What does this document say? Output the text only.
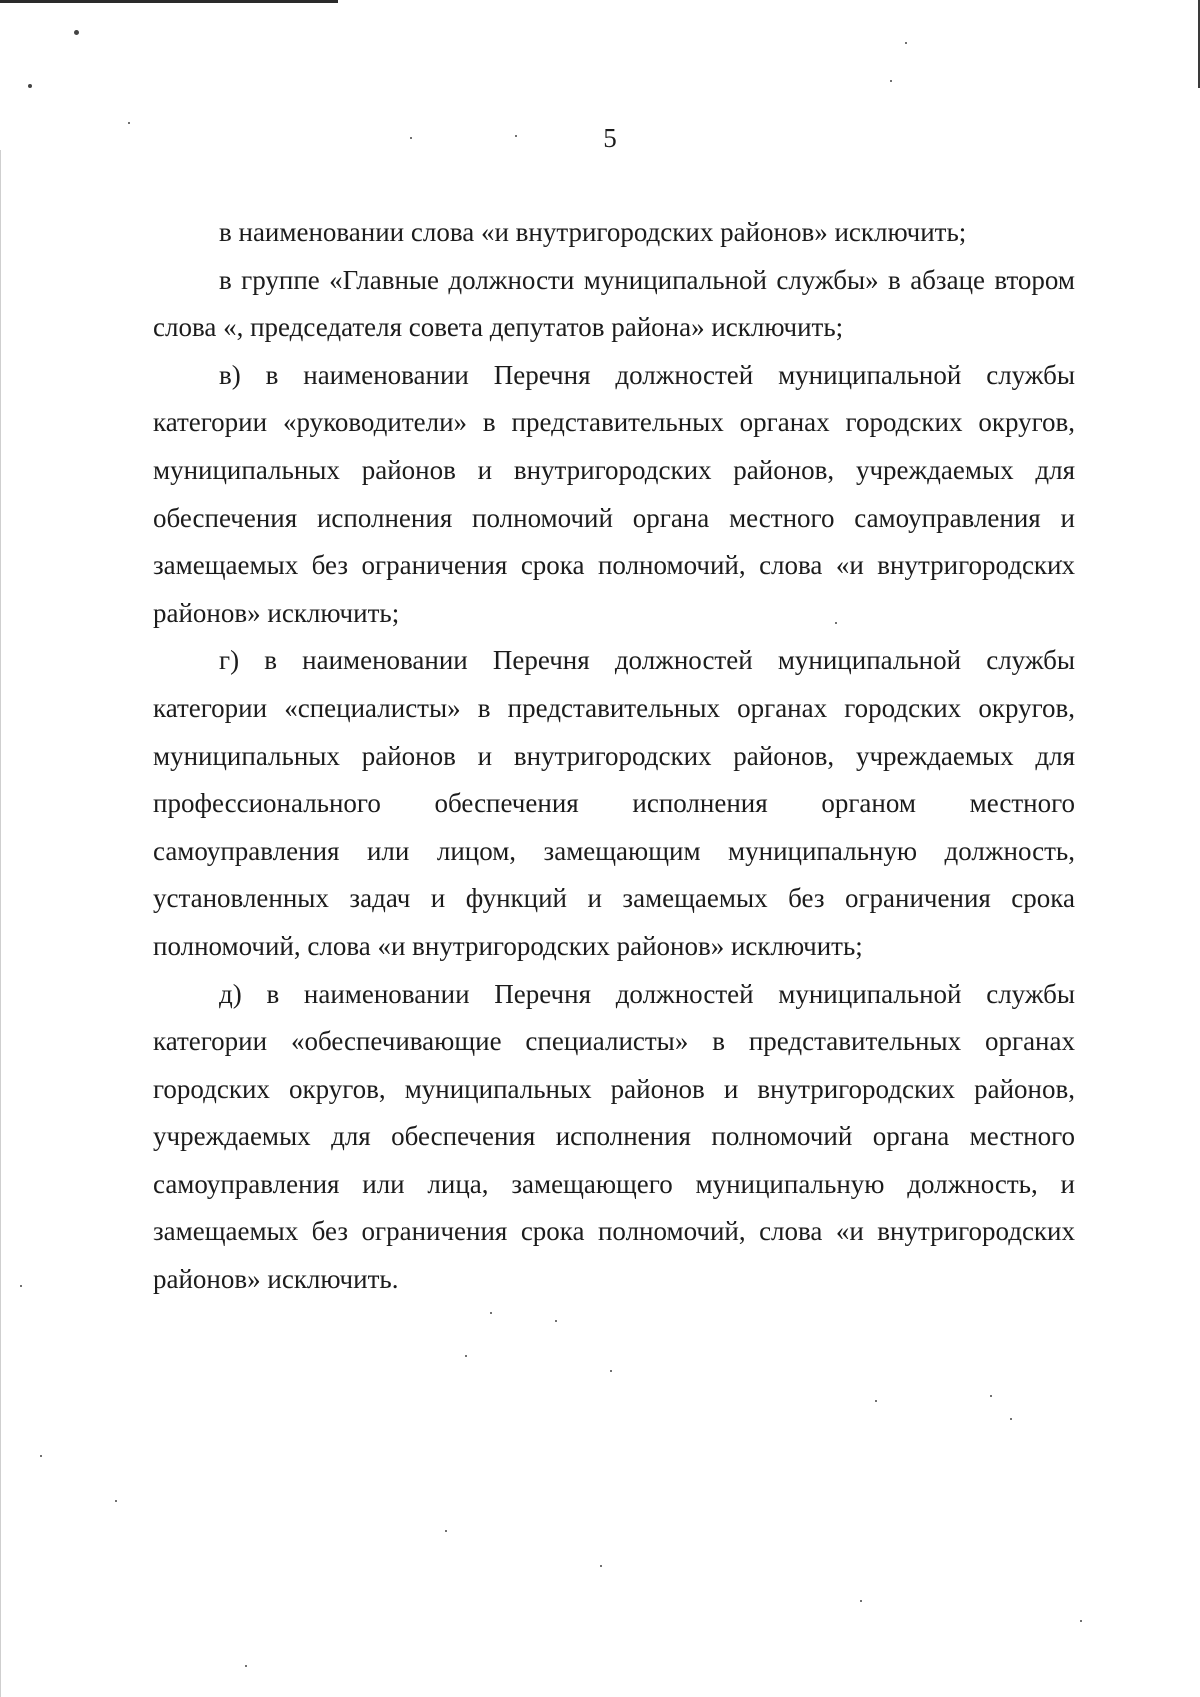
5

в наименовании слова «и внутригородских районов» исключить;

в группе «Главные должности муниципальной службы» в абзаце втором слова «, председателя совета депутатов района» исключить;

в) в наименовании Перечня должностей муниципальной службы категории «руководители» в представительных органах городских округов, муниципальных районов и внутригородских районов, учреждаемых для обеспечения исполнения полномочий органа местного самоуправления и замещаемых без ограничения срока полномочий, слова «и внутригородских районов» исключить;

г) в наименовании Перечня должностей муниципальной службы категории «специалисты» в представительных органах городских округов, муниципальных районов и внутригородских районов, учреждаемых для профессионального обеспечения исполнения органом местного самоуправления или лицом, замещающим муниципальную должность, установленных задач и функций и замещаемых без ограничения срока полномочий, слова «и внутригородских районов» исключить;

д) в наименовании Перечня должностей муниципальной службы категории «обеспечивающие специалисты» в представительных органах городских округов, муниципальных районов и внутригородских районов, учреждаемых для обеспечения исполнения полномочий органа местного самоуправления или лица, замещающего муниципальную должность, и замещаемых без ограничения срока полномочий, слова «и внутригородских районов» исключить.
